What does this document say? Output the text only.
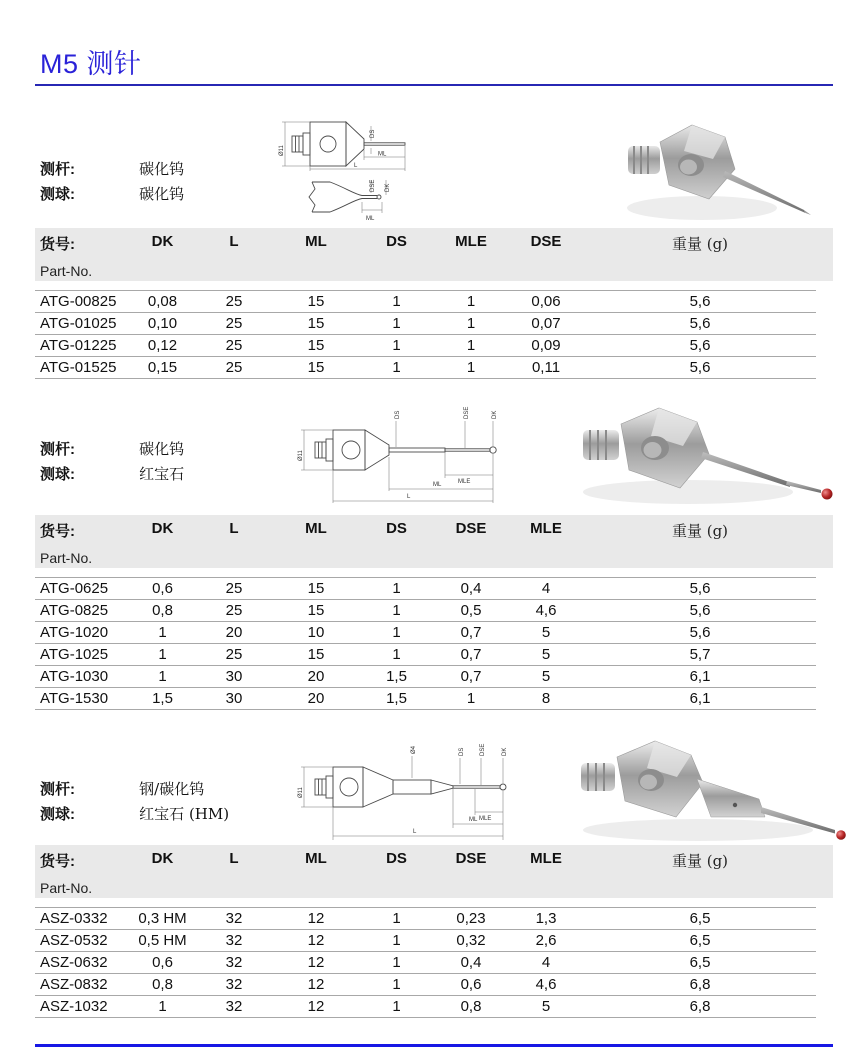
M5 测针
测杆:	碳化钨
测球:	碳化钨
Ø11
DS
ML
L
DSE DK
ML
货号:
Part-No.	DK	L	ML	DS	MLE	DSE	重量 (g)	

ATG-00825	0,08	25	15	1	1	0,06	5,6	
ATG-01025	0,10	25	15	1	1	0,07	5,6	
ATG-01225	0,12	25	15	1	1	0,09	5,6	
ATG-01525	0,15	25	15	1	1	0,11	5,6	
测杆:	碳化钨
测球:	红宝石
Ø11
DS	DSE	DK
MLE
ML
L
货号:
Part-No.	DK	L	ML	DS	DSE	MLE	重量 (g)	

ATG-0625	0,6	25	15	1	0,4	4	5,6	
ATG-0825	0,8	25	15	1	0,5	4,6	5,6	
ATG-1020	1	20	10	1	0,7	5	5,6	
ATG-1025	1	25	15	1	0,7	5	5,7	
ATG-1030	1	30	20	1,5	0,7	5	6,1	
ATG-1530	1,5	30	20	1,5	1	8	6,1	
测杆:	钢/碳化钨
测球:	红宝石 (HM)
Ø11
Ø4	DS	DSE	DK
MLE
ML
L
货号:
Part-No.	DK	L	ML	DS	DSE	MLE	重量 (g)	

ASZ-0332	0,3 HM	32	12	1	0,23	1,3	6,5	
ASZ-0532	0,5 HM	32	12	1	0,32	2,6	6,5	
ASZ-0632	0,6	32	12	1	0,4	4	6,5	
ASZ-0832	0,8	32	12	1	0,6	4,6	6,8	
ASZ-1032	1	32	12	1	0,8	5	6,8	
